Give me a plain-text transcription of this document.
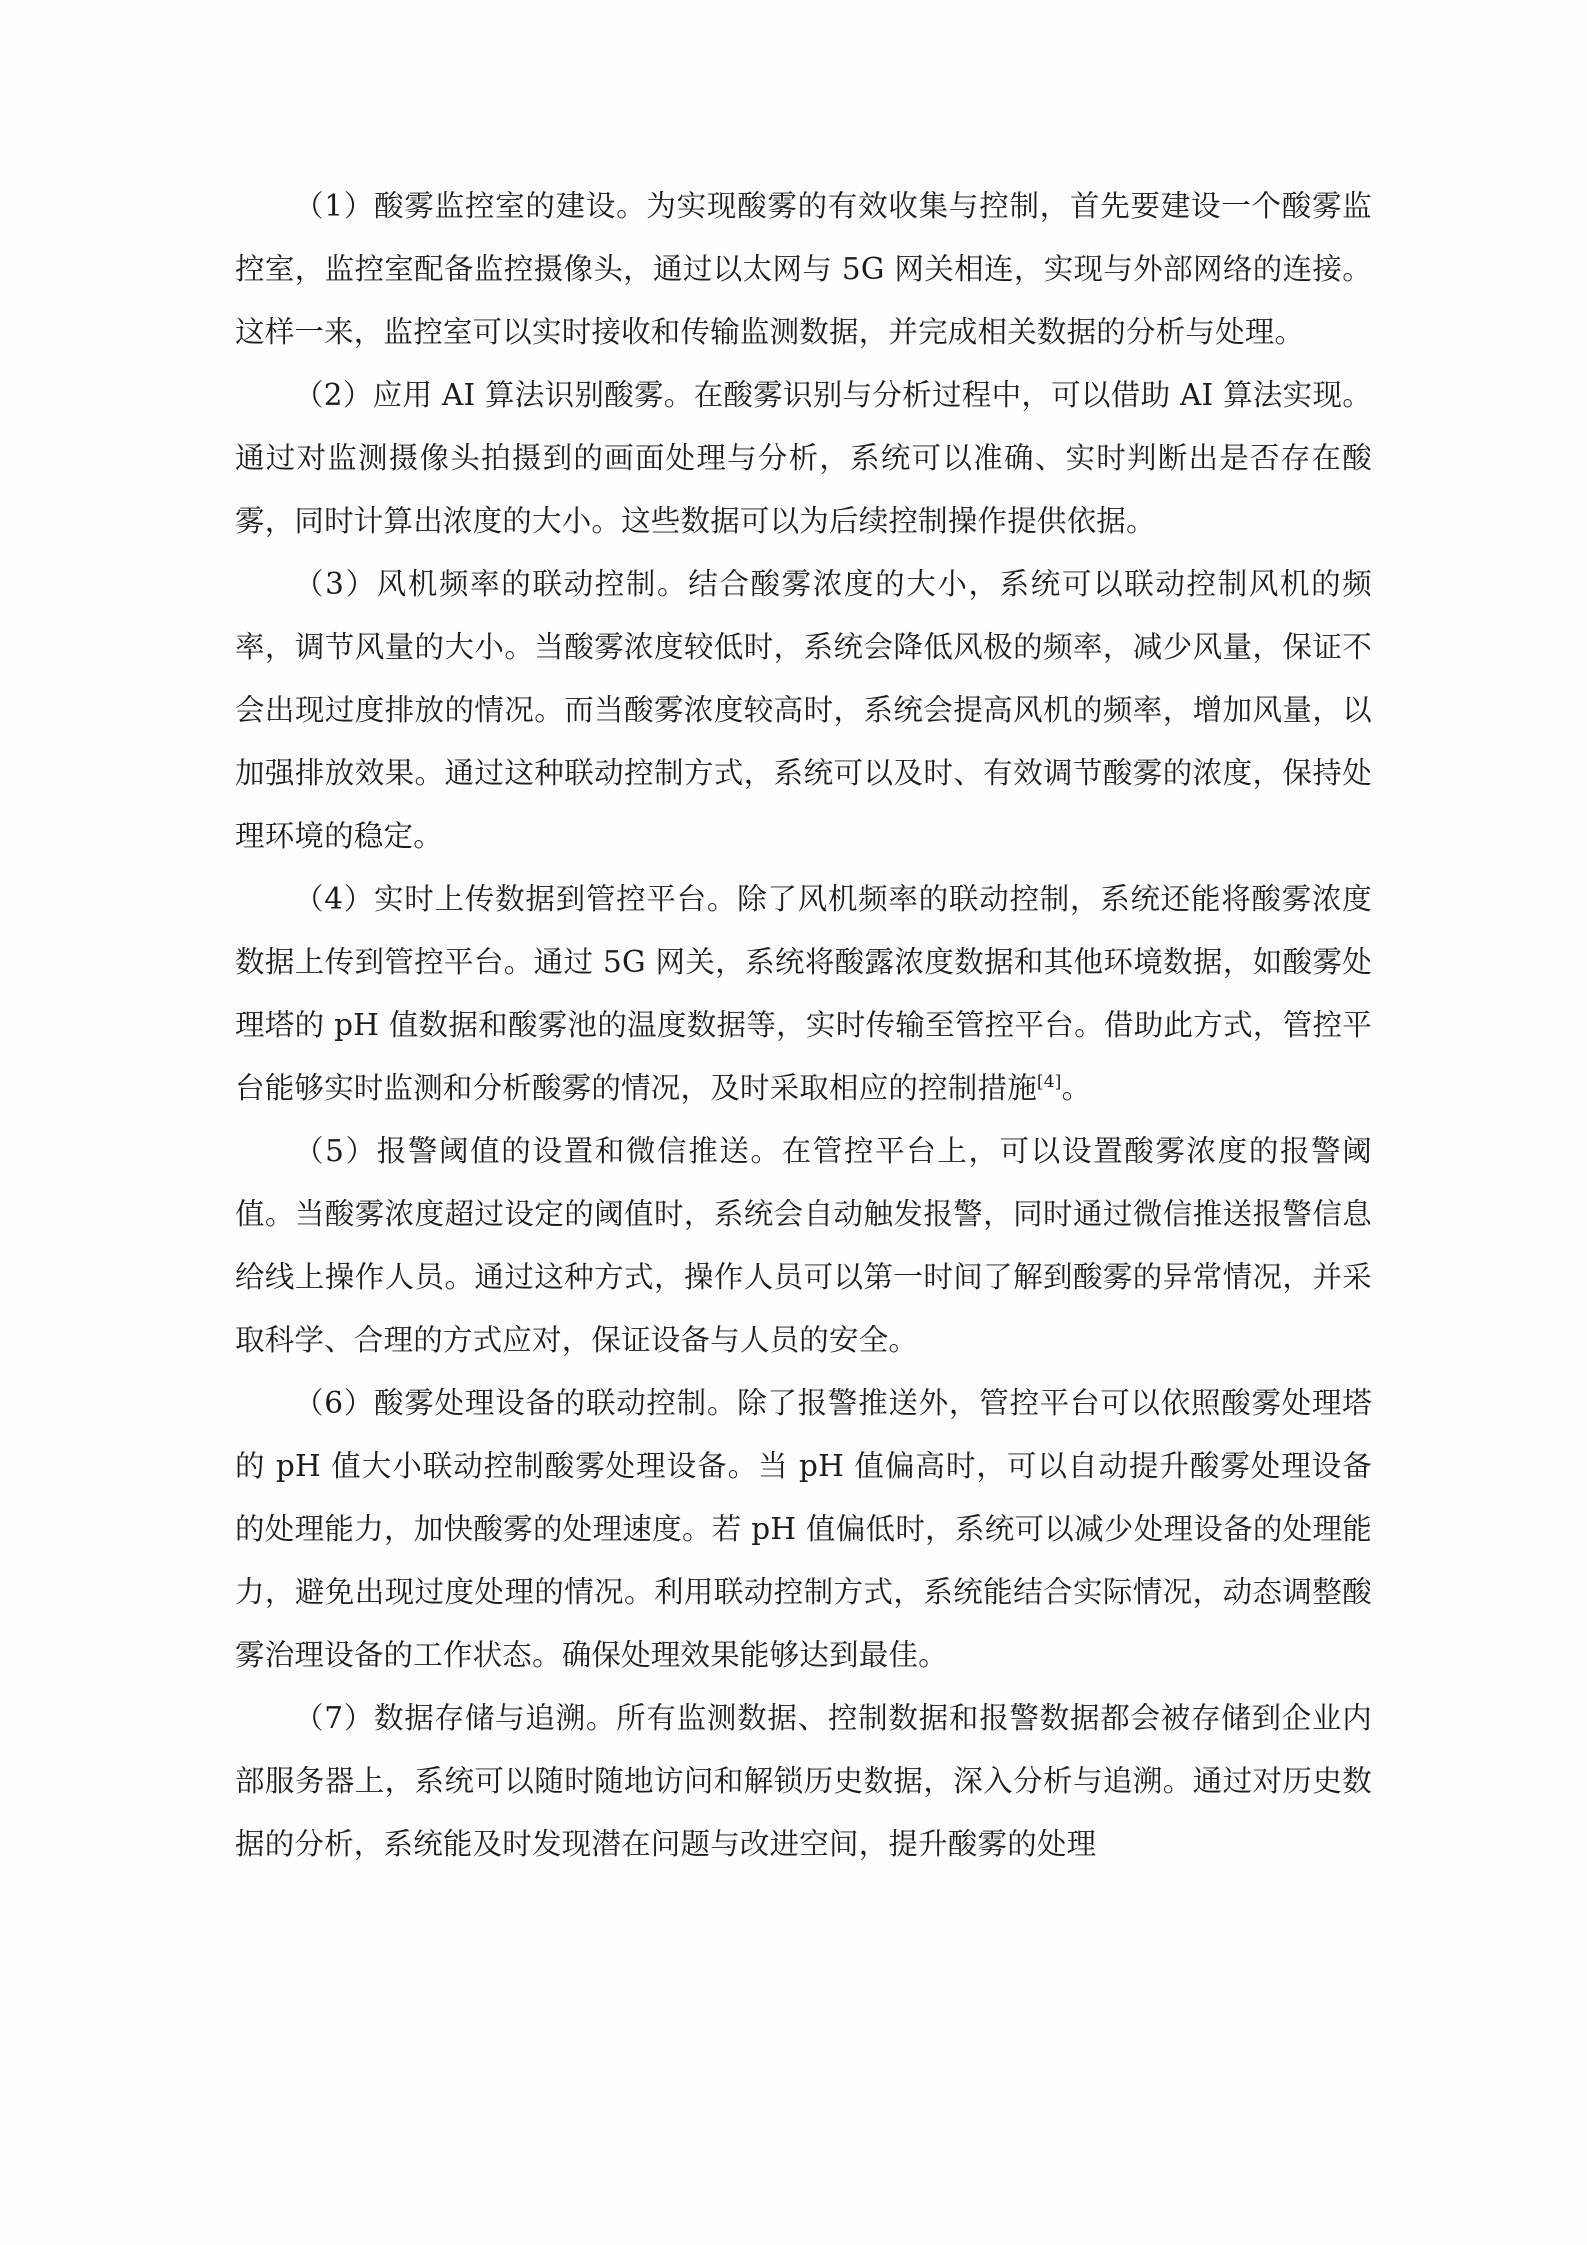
（1）酸雾监控室的建设。为实现酸雾的有效收集与控制，首先要建设一个酸雾监控室，监控室配备监控摄像头，通过以太网与 5G 网关相连，实现与外部网络的连接。这样一来，监控室可以实时接收和传输监测数据，并完成相关数据的分析与处理。

（2）应用 AI 算法识别酸雾。在酸雾识别与分析过程中，可以借助 AI 算法实现。通过对监测摄像头拍摄到的画面处理与分析，系统可以准确、实时判断出是否存在酸雾，同时计算出浓度的大小。这些数据可以为后续控制操作提供依据。

（3）风机频率的联动控制。结合酸雾浓度的大小，系统可以联动控制风机的频率，调节风量的大小。当酸雾浓度较低时，系统会降低风极的频率，减少风量，保证不会出现过度排放的情况。而当酸雾浓度较高时，系统会提高风机的频率，增加风量，以加强排放效果。通过这种联动控制方式，系统可以及时、有效调节酸雾的浓度，保持处理环境的稳定。

（4）实时上传数据到管控平台。除了风机频率的联动控制，系统还能将酸雾浓度数据上传到管控平台。通过 5G 网关，系统将酸露浓度数据和其他环境数据，如酸雾处理塔的 pH 值数据和酸雾池的温度数据等，实时传输至管控平台。借助此方式，管控平台能够实时监测和分析酸雾的情况，及时采取相应的控制措施[4]。

（5）报警阈值的设置和微信推送。在管控平台上，可以设置酸雾浓度的报警阈值。当酸雾浓度超过设定的阈值时，系统会自动触发报警，同时通过微信推送报警信息给线上操作人员。通过这种方式，操作人员可以第一时间了解到酸雾的异常情况，并采取科学、合理的方式应对，保证设备与人员的安全。

（6）酸雾处理设备的联动控制。除了报警推送外，管控平台可以依照酸雾处理塔的 pH 值大小联动控制酸雾处理设备。当 pH 值偏高时，可以自动提升酸雾处理设备的处理能力，加快酸雾的处理速度。若 pH 值偏低时，系统可以减少处理设备的处理能力，避免出现过度处理的情况。利用联动控制方式，系统能结合实际情况，动态调整酸雾治理设备的工作状态。确保处理效果能够达到最佳。

（7）数据存储与追溯。所有监测数据、控制数据和报警数据都会被存储到企业内部服务器上，系统可以随时随地访问和解锁历史数据，深入分析与追溯。通过对历史数据的分析，系统能及时发现潜在问题与改进空间，提升酸雾的处理
